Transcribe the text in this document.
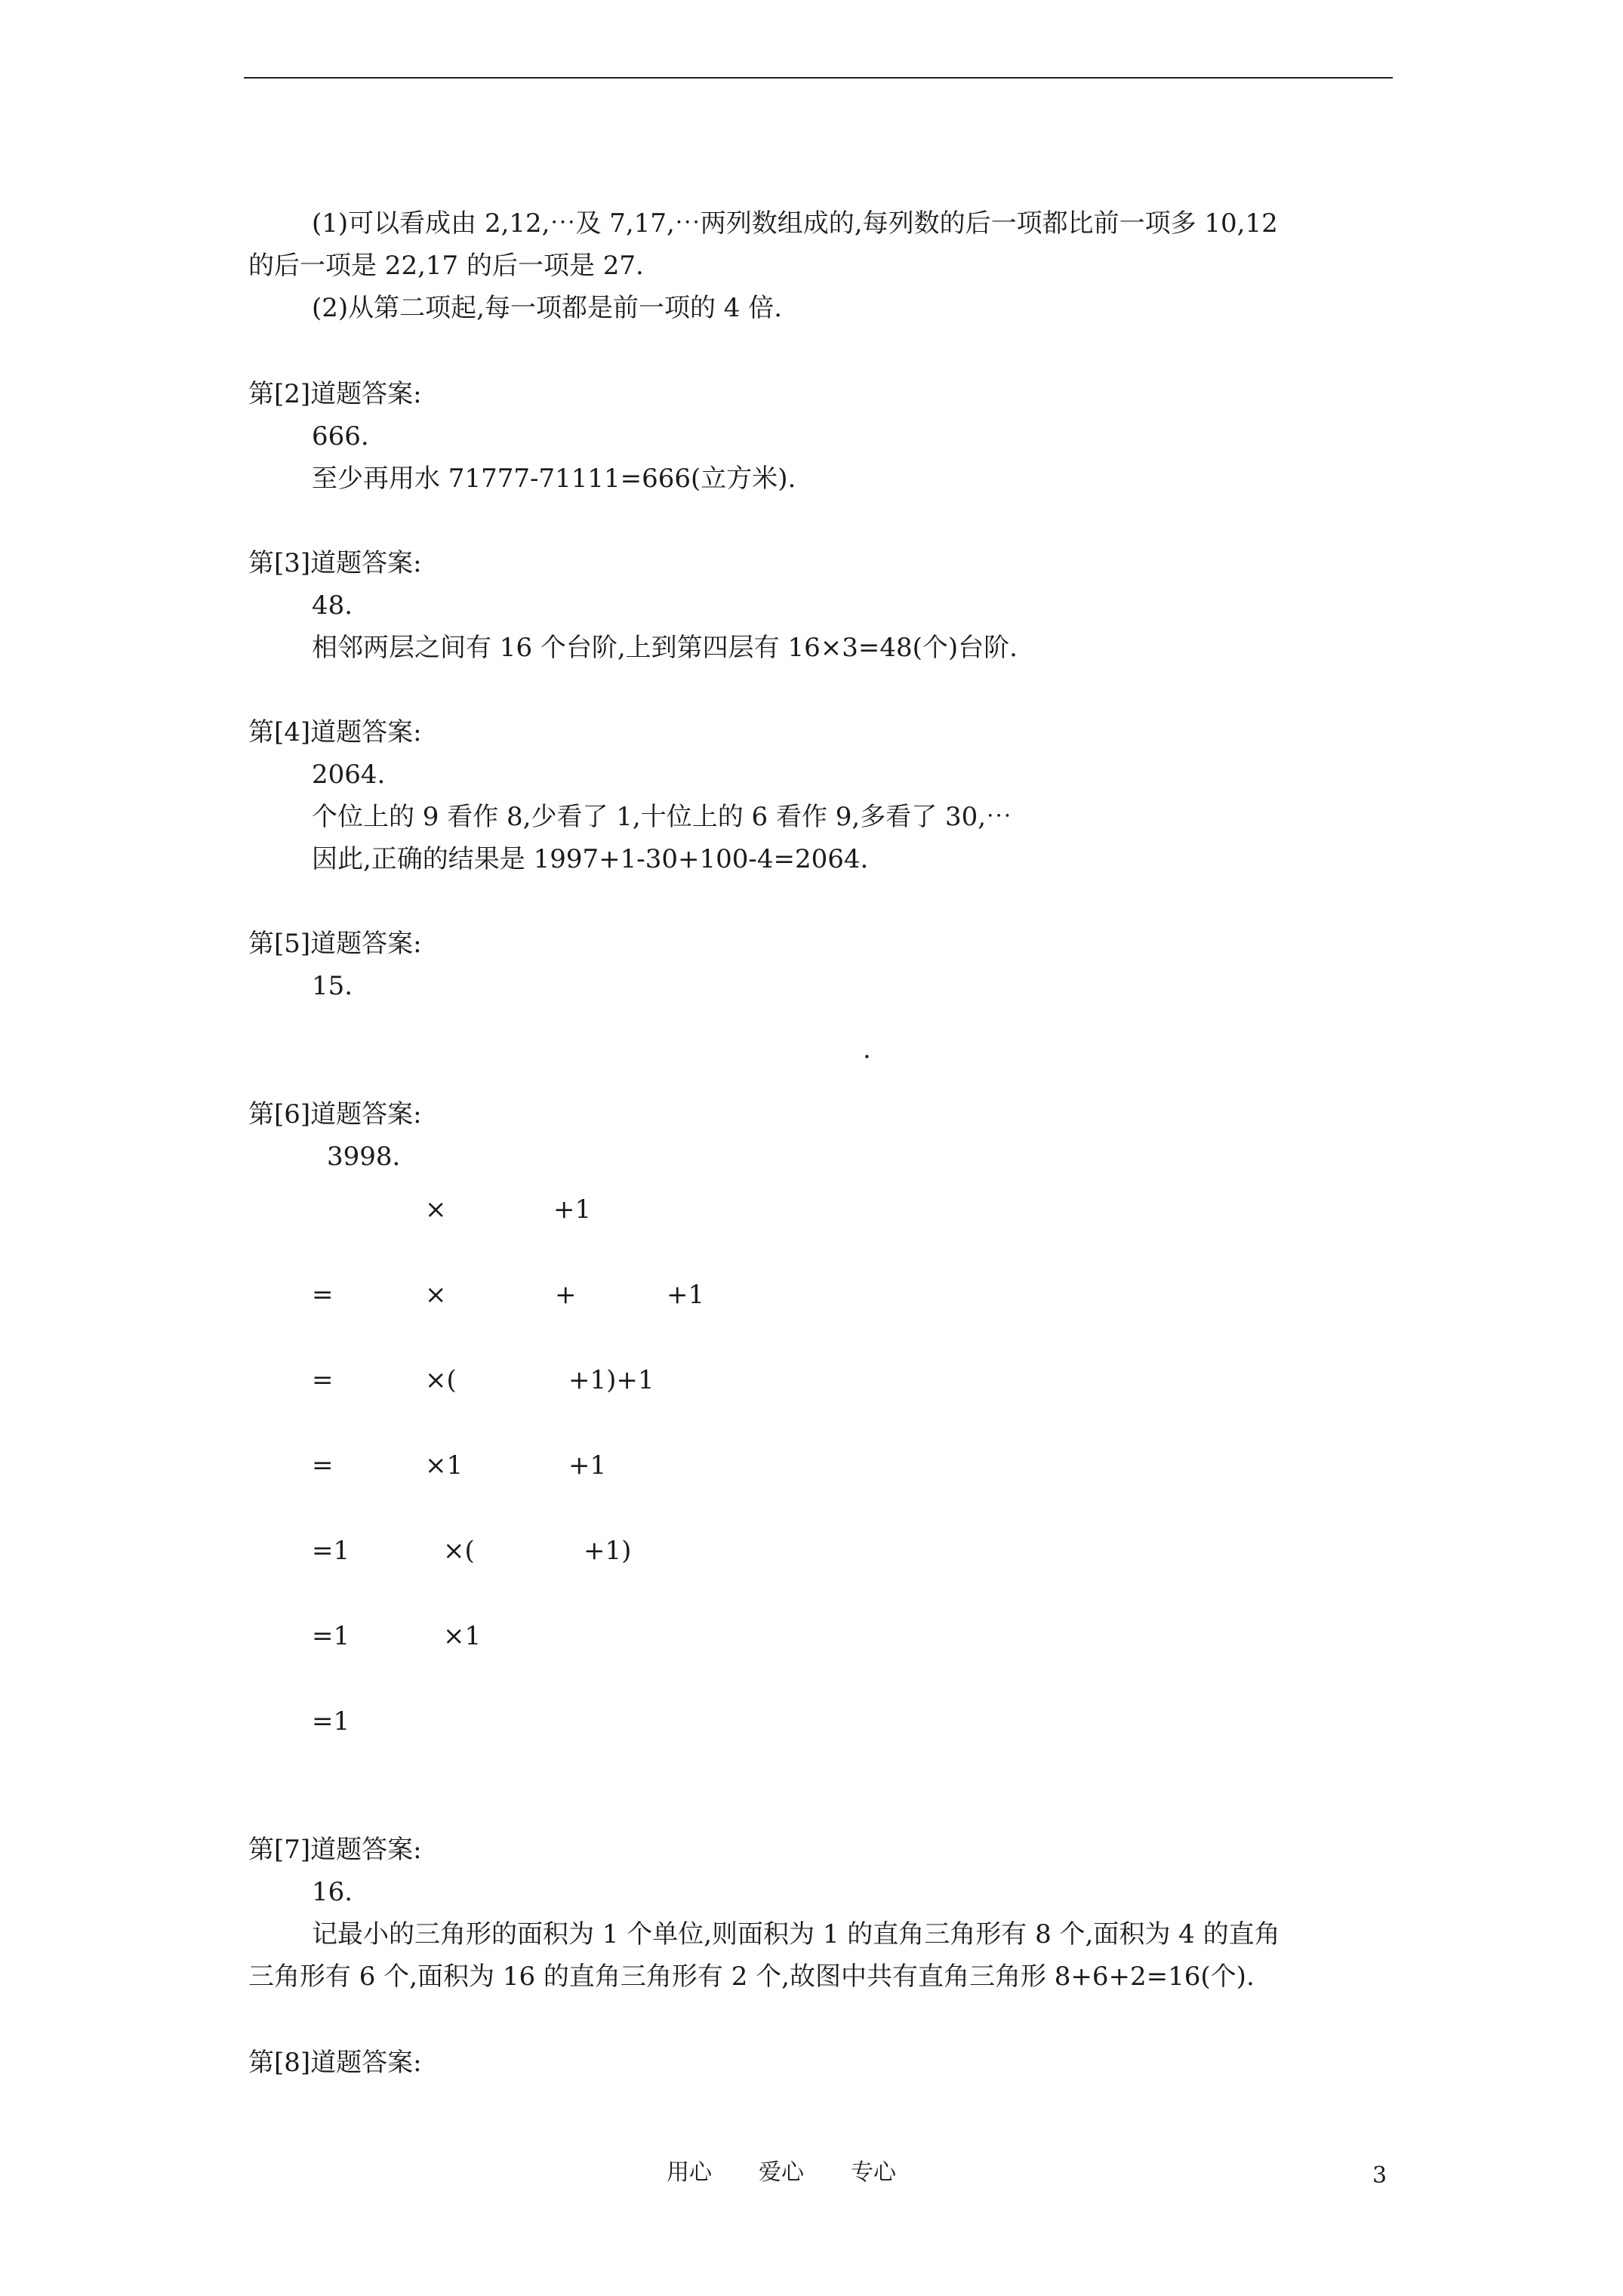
(1)可以看成由 2,12,⋯及 7,17,⋯两列数组成的,每列数的后一项都比前一项多 10,12
的后一项是 22,17 的后一项是 27.
(2)从第二项起,每一项都是前一项的 4 倍.
第[2]道题答案:
666.
至少再用水 71777-71111=666(立方米).
第[3]道题答案:
48.
相邻两层之间有 16 个台阶,上到第四层有 16×3=48(个)台阶.
第[4]道题答案:
2064.
个位上的 9 看作 8,少看了 1,十位上的 6 看作 9,多看了 30,⋯
因此,正确的结果是 1997+1-30+100-4=2064.
第[5]道题答案:
15.
.
第[6]道题答案:
3998.
×	+1
=	×	+	+1
=	×(	+1)+1
=	×1	+1
=1	×(	+1)
=1	×1
=1
第[7]道题答案:
16.
记最小的三角形的面积为 1 个单位,则面积为 1 的直角三角形有 8 个,面积为 4 的直角
三角形有 6 个,面积为 16 的直角三角形有 2 个,故图中共有直角三角形 8+6+2=16(个).
第[8]道题答案:
用心 爱心 专心	3
